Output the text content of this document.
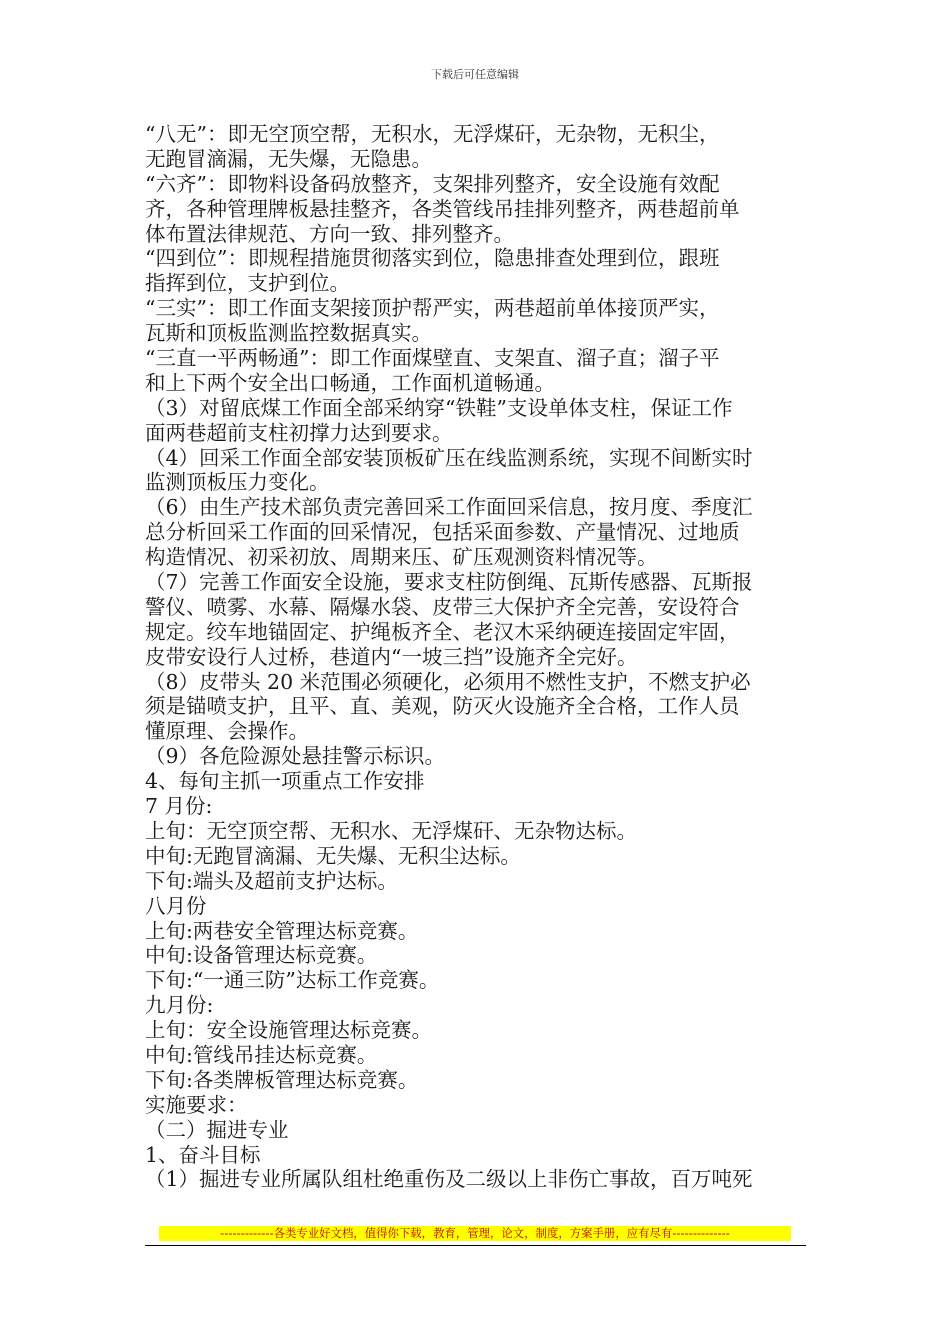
下载后可任意编辑
“八无”：即无空顶空帮，无积水，无浮煤矸，无杂物，无积尘，
无跑冒滴漏，无失爆，无隐患。
“六齐”：即物料设备码放整齐，支架排列整齐，安全设施有效配
齐，各种管理牌板悬挂整齐，各类管线吊挂排列整齐，两巷超前单
体布置法律规范、方向一致、排列整齐。
“四到位”：即规程措施贯彻落实到位，隐患排查处理到位，跟班
指挥到位，支护到位。
“三实”：即工作面支架接顶护帮严实，两巷超前单体接顶严实，
瓦斯和顶板监测监控数据真实。
“三直一平两畅通”：即工作面煤壁直、支架直、溜子直；溜子平
和上下两个安全出口畅通，工作面机道畅通。
（3）对留底煤工作面全部采纳穿“铁鞋”支设单体支柱，保证工作
面两巷超前支柱初撑力达到要求。
（4）回采工作面全部安装顶板矿压在线监测系统，实现不间断实时
监测顶板压力变化。
（6）由生产技术部负责完善回采工作面回采信息，按月度、季度汇
总分析回采工作面的回采情况，包括采面参数、产量情况、过地质
构造情况、初采初放、周期来压、矿压观测资料情况等。
（7）完善工作面安全设施，要求支柱防倒绳、瓦斯传感器、瓦斯报
警仪、喷雾、水幕、隔爆水袋、皮带三大保护齐全完善，安设符合
规定。绞车地锚固定、护绳板齐全、老汉木采纳硬连接固定牢固，
皮带安设行人过桥，巷道内“一坡三挡”设施齐全完好。
（8）皮带头 20 米范围必须硬化，必须用不燃性支护，不燃支护必
须是锚喷支护，且平、直、美观，防灭火设施齐全合格，工作人员
懂原理、会操作。
（9）各危险源处悬挂警示标识。
4、每旬主抓一项重点工作安排
7 月份:
上旬：无空顶空帮、无积水、无浮煤矸、无杂物达标。
中旬:无跑冒滴漏、无失爆、无积尘达标。
下旬:端头及超前支护达标。
八月份
上旬:两巷安全管理达标竞赛。
中旬:设备管理达标竞赛。
下旬:“一通三防”达标工作竞赛。
九月份:
上旬：安全设施管理达标竞赛。
中旬:管线吊挂达标竞赛。
下旬:各类牌板管理达标竞赛。
实施要求：
（二）掘进专业
1、奋斗目标
（1）掘进专业所属队组杜绝重伤及二级以上非伤亡事故，百万吨死
-------------各类专业好文档，值得你下载，教育，管理，论文，制度，方案手册，应有尽有--------------
